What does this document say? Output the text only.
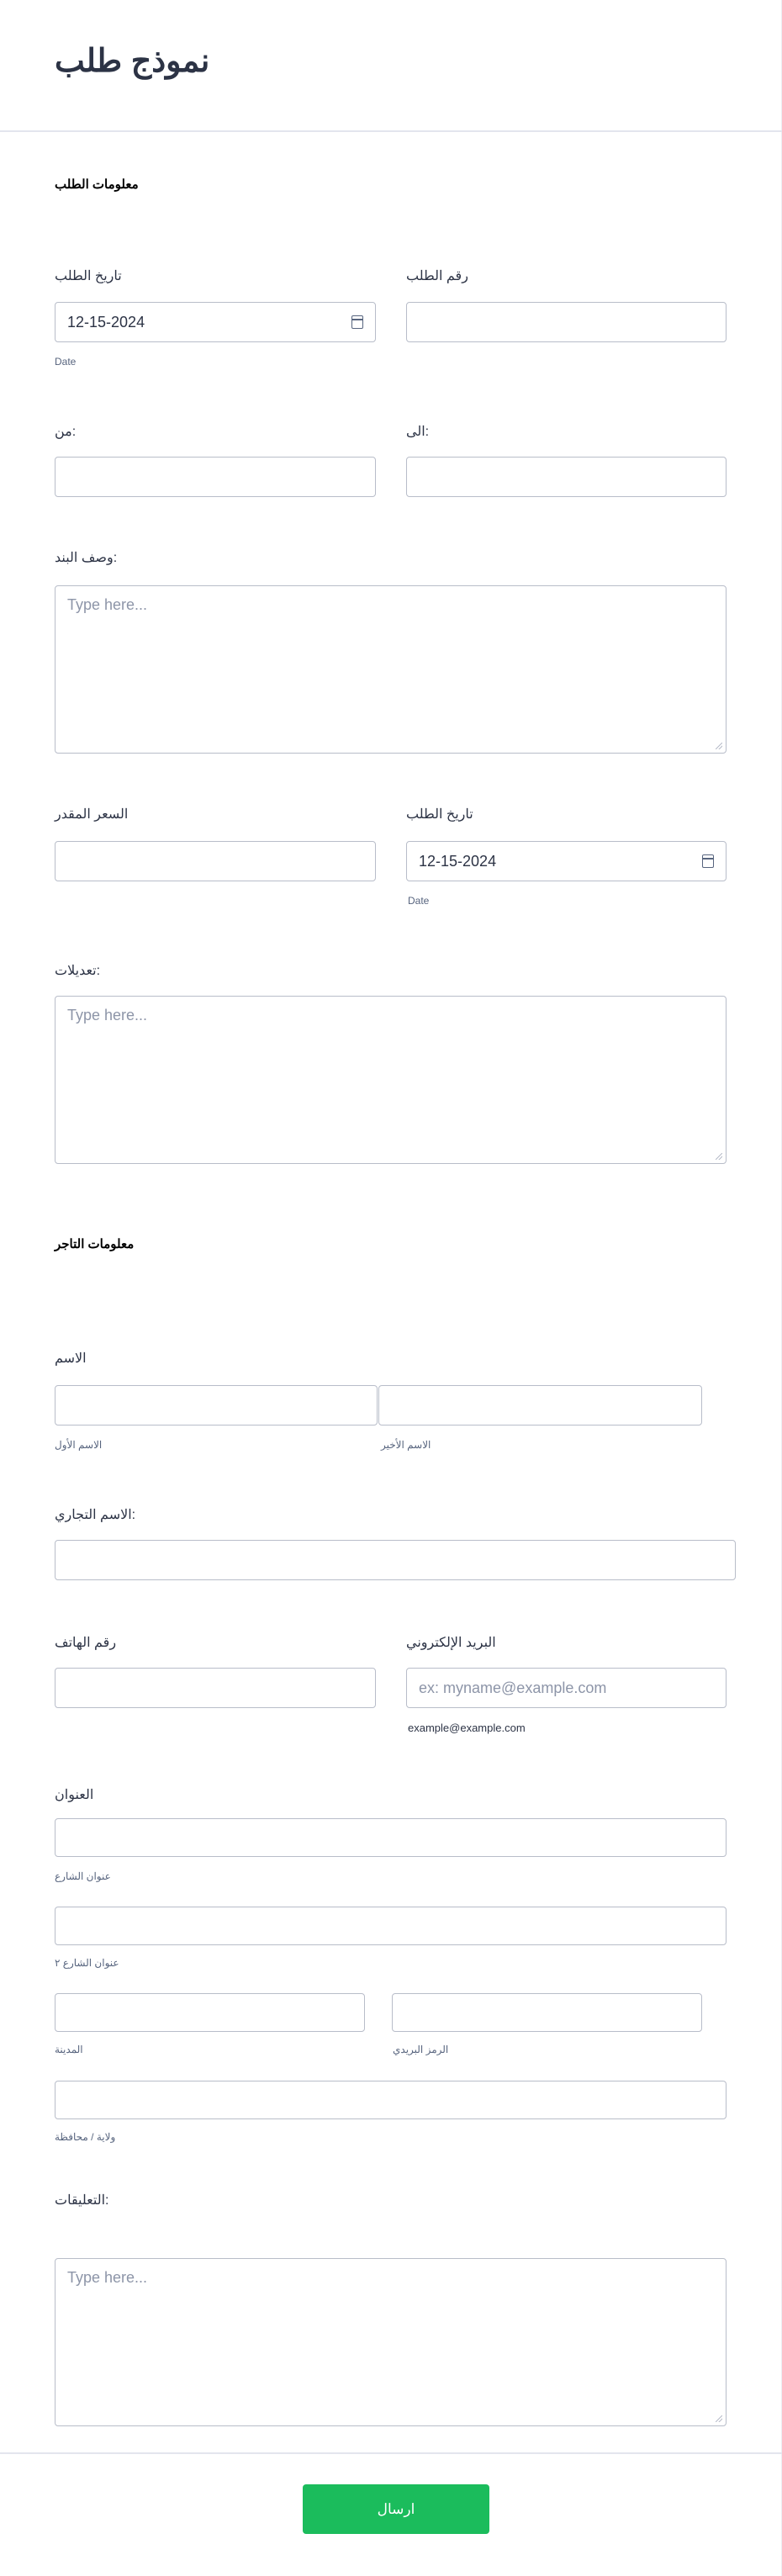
نموذج طلب
معلومات الطلب
تاريخ الطلب
12-15-2024
Date
رقم الطلب
من:	الى:
وصف البند:
Type here...
السعر المقدر	تاريخ الطلب
12-15-2024
Date
تعديلات:
Type here...
معلومات التاجر
الاسم
الاسم الأول	الاسم الأخير
الاسم التجاري:
رقم الهاتف	البريد الإلكتروني
ex: myname@example.com
example@example.com
العنوان
عنوان الشارع
عنوان الشارع ٢
المدينة	الرمز البريدي
ولاية / محافظة
التعليقات:
Type here...
ارسال
